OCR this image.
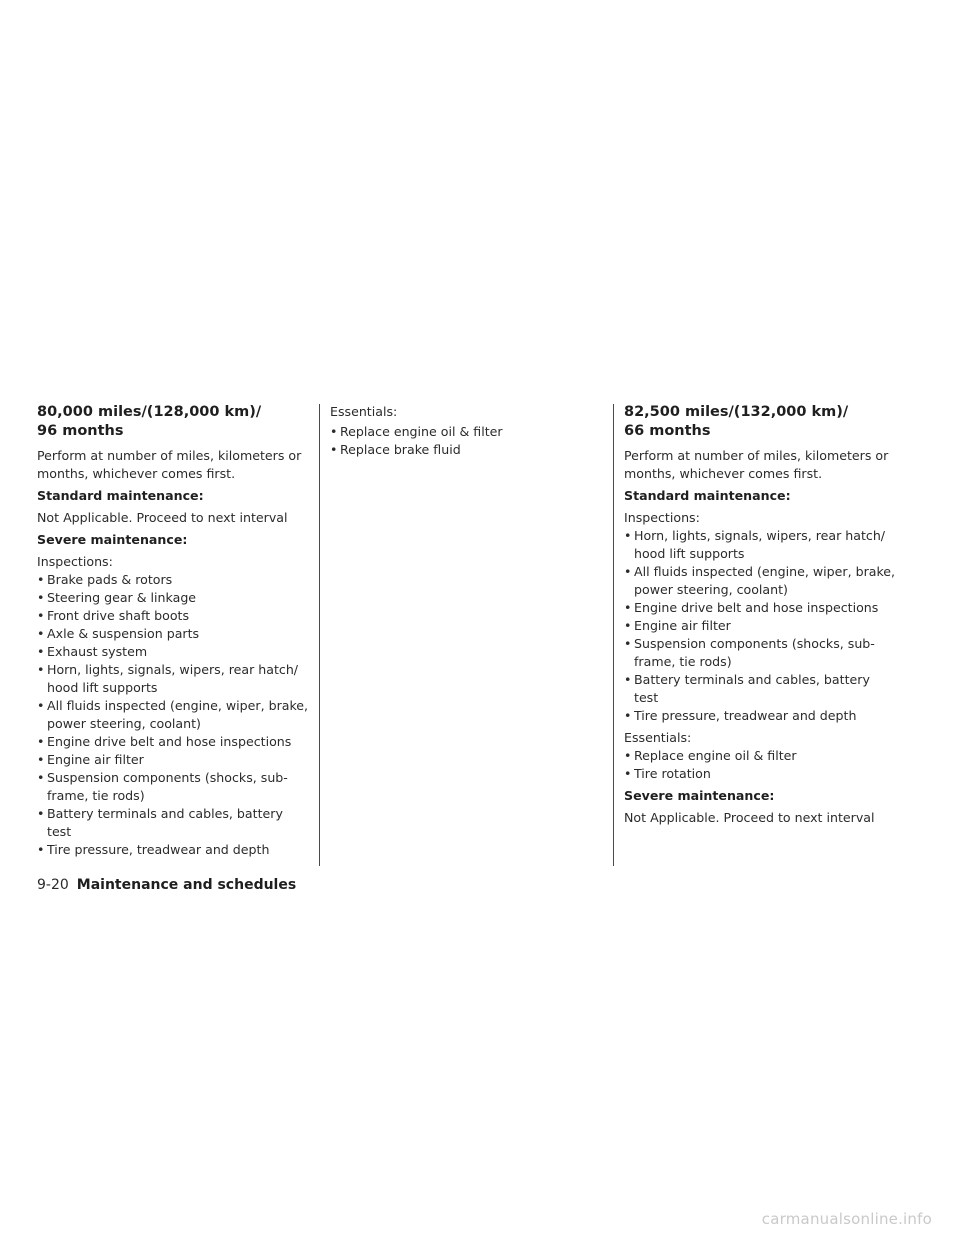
80,000 miles/(128,000 km)/
96 months

Perform at number of miles, kilometers or months, whichever comes first.

Standard maintenance:

Not Applicable. Proceed to next interval

Severe maintenance:

Inspections:

• Brake pads & rotors
• Steering gear & linkage
• Front drive shaft boots
• Axle & suspension parts
• Exhaust system
• Horn, lights, signals, wipers, rear hatch/ hood lift supports
• All fluids inspected (engine, wiper, brake, power steering, coolant)
• Engine drive belt and hose inspections
• Engine air filter
• Suspension components (shocks, sub- frame, tie rods)
• Battery terminals and cables, battery test
• Tire pressure, treadwear and depth

Essentials:

• Replace engine oil & filter
• Replace brake fluid
82,500 miles/(132,000 km)/
66 months

Perform at number of miles, kilometers or months, whichever comes first.

Standard maintenance:

Inspections:

• Horn, lights, signals, wipers, rear hatch/ hood lift supports
• All fluids inspected (engine, wiper, brake, power steering, coolant)
• Engine drive belt and hose inspections
• Engine air filter
• Suspension components (shocks, sub- frame, tie rods)
• Battery terminals and cables, battery test
• Tire pressure, treadwear and depth

Essentials:

• Replace engine oil & filter
• Tire rotation

Severe maintenance:

Not Applicable. Proceed to next interval

9-20 Maintenance and schedules
carmanualsonline.info
